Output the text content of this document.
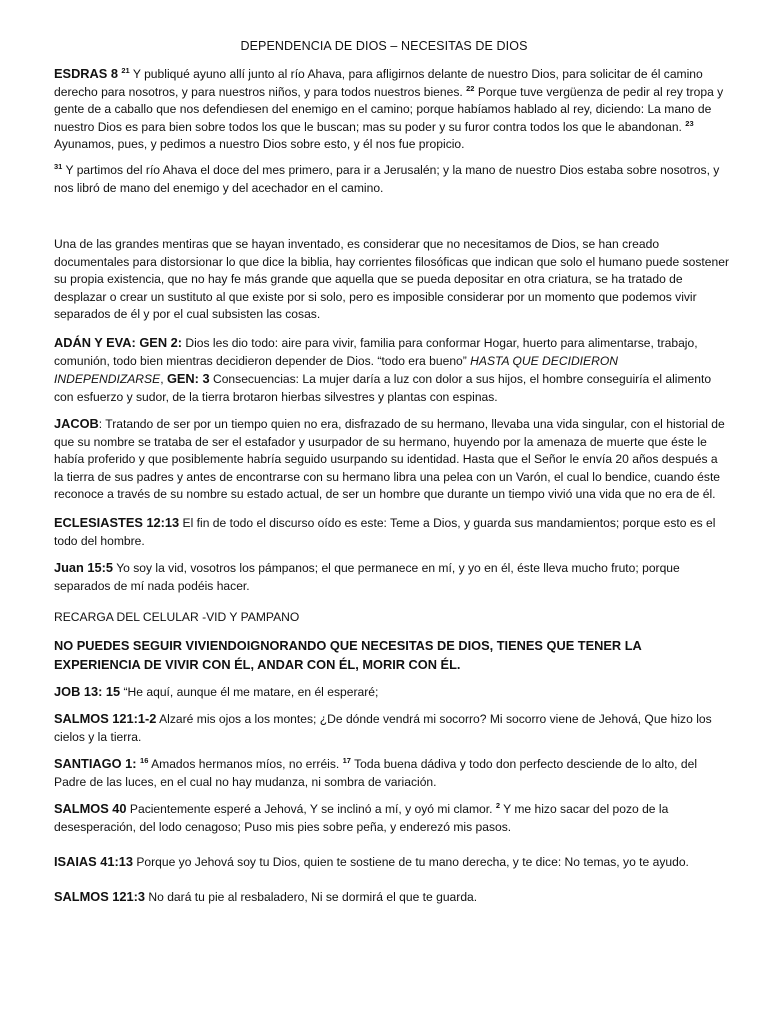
DEPENDENCIA DE DIOS – NECESITAS DE DIOS

ESDRAS 8 $^{21}$ Y publiqué ayuno allí junto al río Ahava, para afligirnos delante de nuestro Dios, para solicitar de él camino derecho para nosotros, y para nuestros niños, y para todos nuestros bienes. $^{22}$ Porque tuve vergüenza de pedir al rey tropa y gente de a caballo que nos defendiesen del enemigo en el camino; porque habíamos hablado al rey, diciendo: La mano de nuestro Dios es para bien sobre todos los que le buscan; mas su poder y su furor contra todos los que le abandonan. $^{23}$ Ayunamos, pues, y pedimos a nuestro Dios sobre esto, y él nos fue propicio.

$^{31}$ Y partimos del río Ahava el doce del mes primero, para ir a Jerusalén; y la mano de nuestro Dios estaba sobre nosotros, y nos libró de mano del enemigo y del acechador en el camino.

Una de las grandes mentiras que se hayan inventado, es considerar que no necesitamos de Dios, se han creado documentales para distorsionar lo que dice la biblia, hay corrientes filosóficas que indican que solo el humano puede sostener su propia existencia, que no hay fe más grande que aquella que se pueda depositar en otra criatura, se ha tratado de desplazar o crear un sustituto al que existe por si solo, pero es imposible considerar por un momento que podemos vivir separados de él y por el cual subsisten las cosas.

ADÁN Y EVA: GEN 2: Dios les dio todo: aire para vivir, familia para conformar Hogar, huerto para alimentarse, trabajo, comunión, todo bien mientras decidieron depender de Dios. “todo era bueno” HASTA QUE DECIDIERON INDEPENDIZARSE, GEN: 3 Consecuencias: La mujer daría a luz con dolor a sus hijos, el hombre conseguiría el alimento con esfuerzo y sudor, de la tierra brotaron hierbas silvestres y plantas con espinas.

JACOB: Tratando de ser por un tiempo quien no era, disfrazado de su hermano, llevaba una vida singular, con el historial de que su nombre se trataba de ser el estafador y usurpador de su hermano, huyendo por la amenaza de muerte que éste le había proferido y que posiblemente habría seguido usurpando su identidad. Hasta que el Señor le envía 20 años después a la tierra de sus padres y antes de encontrarse con su hermano libra una pelea con un Varón, el cual lo bendice, cuando éste reconoce a través de su nombre su estado actual, de ser un hombre que durante un tiempo vivió una vida que no era de él.

ECLESIASTES 12:13 El fin de todo el discurso oído es este: Teme a Dios, y guarda sus mandamientos; porque esto es el todo del hombre.

Juan 15:5 Yo soy la vid, vosotros los pámpanos; el que permanece en mí, y yo en él, éste lleva mucho fruto; porque separados de mí nada podéis hacer.

RECARGA DEL CELULAR -VID Y PAMPANO

NO PUEDES SEGUIR VIVIENDOIGNORANDO QUE NECESITAS DE DIOS, TIENES QUE TENER LA EXPERIENCIA DE VIVIR CON ÉL, ANDAR CON ÉL, MORIR CON ÉL.

JOB 13: 15 “He aquí, aunque él me matare, en él esperaré;

SALMOS 121:1-2 Alzaré mis ojos a los montes; ¿De dónde vendrá mi socorro? Mi socorro viene de Jehová, Que hizo los cielos y la tierra.

SANTIAGO 1: $^{16}$ Amados hermanos míos, no erréis. $^{17}$ Toda buena dádiva y todo don perfecto desciende de lo alto, del Padre de las luces, en el cual no hay mudanza, ni sombra de variación.

SALMOS 40 Pacientemente esperé a Jehová, Y se inclinó a mí, y oyó mi clamor. $^2$ Y me hizo sacar del pozo de la desesperación, del lodo cenagoso; Puso mis pies sobre peña, y enderezó mis pasos.

ISAIAS 41:13 Porque yo Jehová soy tu Dios, quien te sostiene de tu mano derecha, y te dice: No temas, yo te ayudo.

SALMOS 121:3 No dará tu pie al resbaladero, Ni se dormirá el que te guarda.
